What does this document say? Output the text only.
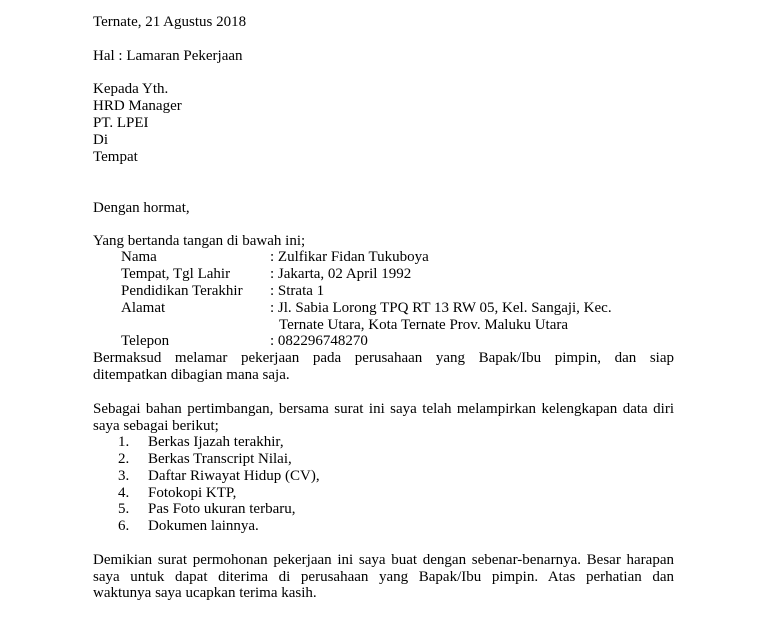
Ternate, 21 Agustus 2018
Hal : Lamaran Pekerjaan
Kepada Yth.
HRD Manager
PT. LPEI
Di
Tempat
Dengan hormat,
Yang bertanda tangan di bawah ini;
Nama	: Zulfikar Fidan Tukuboya
Tempat, Tgl Lahir	: Jakarta, 02 April 1992
Pendidikan Terakhir : Strata 1
Alamat	: Jl. Sabia Lorong TPQ RT 13 RW 05, Kel. Sangaji, Kec.
Ternate Utara, Kota Ternate Prov. Maluku Utara
Telepon	: 082296748270
Bermaksud melamar pekerjaan pada perusahaan yang Bapak/Ibu pimpin, dan siap
ditempatkan dibagian mana saja.
Sebagai bahan pertimbangan, bersama surat ini saya telah melampirkan kelengkapan data diri
saya sebagai berikut;
1. Berkas Ijazah terakhir,
2. Berkas Transcript Nilai,
3. Daftar Riwayat Hidup (CV),
4. Fotokopi KTP,
5. Pas Foto ukuran terbaru,
6. Dokumen lainnya.
Demikian surat permohonan pekerjaan ini saya buat dengan sebenar-benarnya. Besar harapan
saya untuk dapat diterima di perusahaan yang Bapak/Ibu pimpin. Atas perhatian dan
waktunya saya ucapkan terima kasih.
